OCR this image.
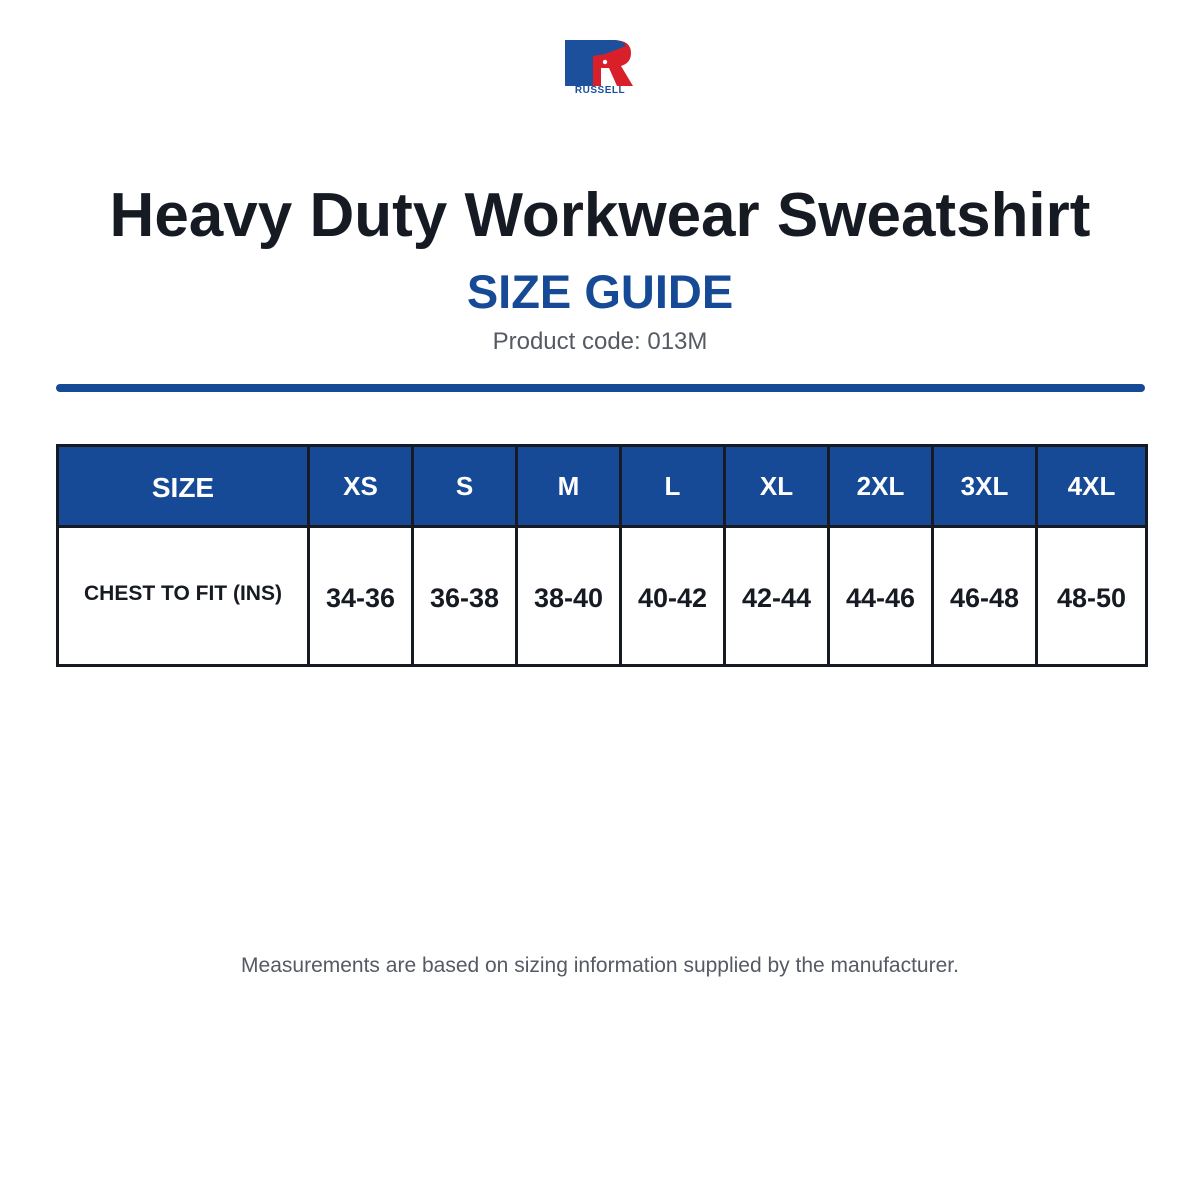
RUSSELL
Heavy Duty Workwear Sweatshirt
SIZE GUIDE
Product code: 013M
SIZE	XS	S	M	L	XL	2XL	3XL	4XL
CHEST TO FIT (INS)	34-36	36-38	38-40	40-42	42-44	44-46	46-48	48-50
Measurements are based on sizing information supplied by the manufacturer.
